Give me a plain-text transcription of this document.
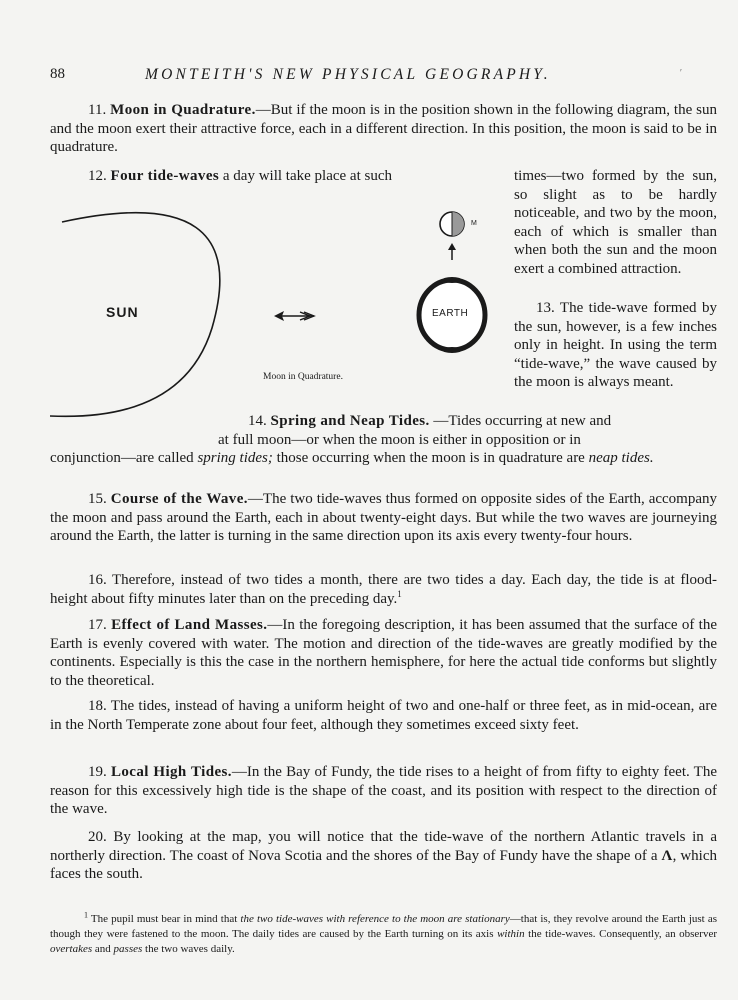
88	MONTEITH'S NEW PHYSICAL GEOGRAPHY.	′
11. Moon in Quadrature.—But if the moon is in the position shown in the following diagram, the sun and the moon exert their attractive force, each in a different direction. In this position, the moon is said to be in quadrature.
12. Four tide-waves a day will take place at such	times—two formed by the sun, so slight as to be hardly noticeable, and two by the moon, each of which is smaller than when both the sun and the moon exert a combined attraction.
SUN	EARTH
M
Moon in Quadrature.
13. The tide-wave formed by the sun, however, is a few inches only in height. In using the term “tide-wave,” the wave caused by the moon is always meant.
14. Spring and Neap Tides. —Tides occurring at new and
at full moon—or when the moon is either in opposition or in
conjunction—are called spring tides; those occurring when the moon is in quadrature are neap tides.
15. Course of the Wave.—The two tide-waves thus formed on opposite sides of the Earth, accompany the moon and pass around the Earth, each in about twenty-eight days. But while the two waves are journeying around the Earth, the latter is turning in the same direction upon its axis every twenty-four hours.
16. Therefore, instead of two tides a month, there are two tides a day. Each day, the tide is at flood-height about fifty minutes later than on the preceding day.$^1$
17. Effect of Land Masses.—In the foregoing description, it has been assumed that the surface of the Earth is evenly covered with water. The motion and direction of the tide-waves are greatly modified by the continents. Especially is this the case in the northern hemisphere, for here the actual tide conforms but slightly to the theoretical.
18. The tides, instead of having a uniform height of two and one-half or three feet, as in mid-ocean, are in the North Temperate zone about four feet, although they sometimes exceed sixty feet.
19. Local High Tides.—In the Bay of Fundy, the tide rises to a height of from fifty to eighty feet. The reason for this excessively high tide is the shape of the coast, and its position with respect to the direction of the wave.
20. By looking at the map, you will notice that the tide-wave of the northern Atlantic travels in a northerly direction. The coast of Nova Scotia and the shores of the Bay of Fundy have the shape of a Λ, which faces the south.
$^1$ The pupil must bear in mind that the two tide-waves with reference to the moon are stationary—that is, they revolve around the Earth just as though they were fastened to the moon. The daily tides are caused by the Earth turning on its axis within the tide-waves. Consequently, an observer overtakes and passes the two waves daily.
